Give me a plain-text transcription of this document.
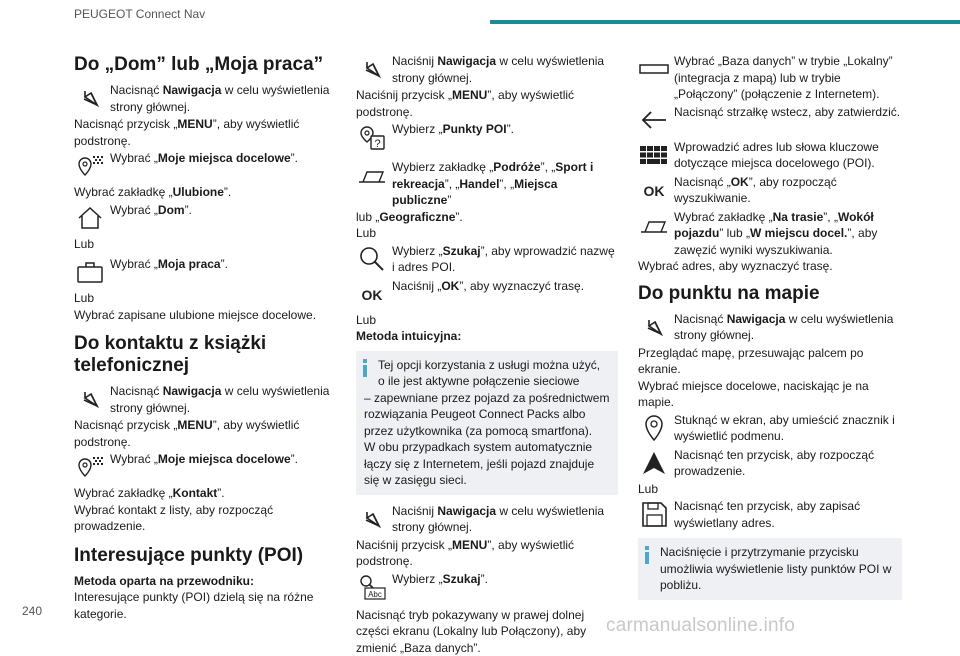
PEUGEOT Connect Nav
Do „Dom” lub „Moja praca”

Nacisnąć Nawigacja w celu wyświetlenia strony głównej.

Nacisnąć przycisk „MENU”, aby wyświetlić podstronę.

Wybrać „Moje miejsca docelowe”.

Wybrać zakładkę „Ulubione”.

Wybrać „Dom”.

Lub

Wybrać „Moja praca”.

Lub

Wybrać zapisane ulubione miejsce docelowe.

Do kontaktu z książki telefonicznej

Nacisnąć Nawigacja w celu wyświetlenia strony głównej.

Nacisnąć przycisk „MENU”, aby wyświetlić podstronę.

Wybrać „Moje miejsca docelowe”.

Wybrać zakładkę „Kontakt”.

Wybrać kontakt z listy, aby rozpocząć prowadzenie.

Interesujące punkty (POI)

Metoda oparta na przewodniku:

Interesujące punkty (POI) dzielą się na różne kategorie.

Naciśnij Nawigacja w celu wyświetlenia strony głównej.

Naciśnij przycisk „MENU”, aby wyświetlić podstronę.

?

Wybierz „Punkty POI”.

Wybierz zakładkę „Podróże”, „Sport i rekreacja”, „Handel”, „Miejsca publiczne”

lub „Geograficzne”.

Lub

Wybierz „Szukaj”, aby wprowadzić nazwę i adres POI.

OK

Naciśnij „OK”, aby wyznaczyć trasę.

Lub

Metoda intuicyjna:

Tej opcji korzystania z usługi można użyć, o ile jest aktywne połączenie sieciowe
– zapewniane przez pojazd za pośrednictwem rozwiązania Peugeot Connect Packs albo przez użytkownika (za pomocą smartfona).
W obu przypadkach system automatycznie łączy się z Internetem, jeśli pojazd znajduje się w zasięgu sieci.

Naciśnij Nawigacja w celu wyświetlenia strony głównej.

Naciśnij przycisk „MENU”, aby wyświetlić podstronę.

Abc

Wybierz „Szukaj”.

Nacisnąć tryb pokazywany w prawej dolnej części ekranu (Lokalny lub Połączony), aby zmienić „Baza danych”.

Wybrać „Baza danych” w trybie „Lokalny” (integracja z mapą) lub w trybie „Połączony” (połączenie z Internetem).

Nacisnąć strzałkę wstecz, aby zatwierdzić.

Wprowadzić adres lub słowa kluczowe dotyczące miejsca docelowego (POI).

OK

Nacisnąć „OK”, aby rozpocząć wyszukiwanie.

Wybrać zakładkę „Na trasie”, „Wokół pojazdu” lub „W miejscu docel.”, aby zawęzić wyniki wyszukiwania.

Wybrać adres, aby wyznaczyć trasę.

Do punktu na mapie

Nacisnąć Nawigacja w celu wyświetlenia strony głównej.

Przeglądać mapę, przesuwając palcem po ekranie.

Wybrać miejsce docelowe, naciskając je na mapie.

Stuknąć w ekran, aby umieścić znacznik i wyświetlić podmenu.

Nacisnąć ten przycisk, aby rozpocząć prowadzenie.

Lub

Nacisnąć ten przycisk, aby zapisać wyświetlany adres.

Naciśnięcie i przytrzymanie przycisku umożliwia wyświetlenie listy punktów POI w pobliżu.
240
carmanualsonline.info
